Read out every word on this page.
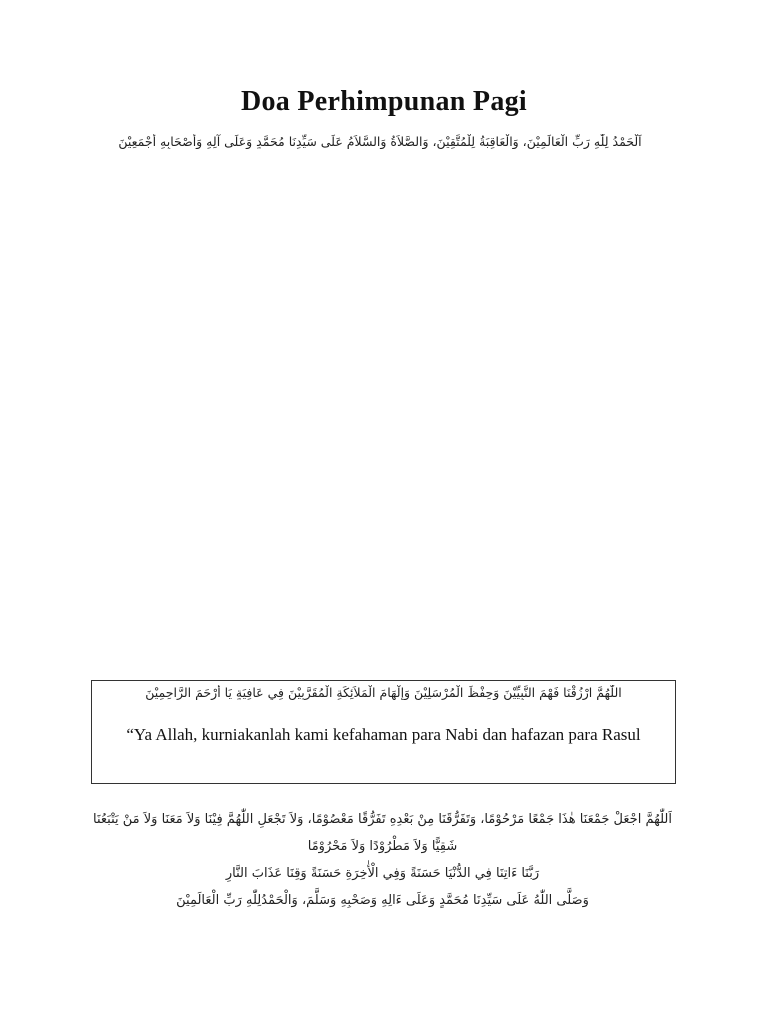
Doa Perhimpunan Pagi
اَلْحَمْدُ لِلّٰهِ رَبِّ الْعَالَمِيْنَ، وَالْعَاقِبَةُ لِلْمُتَّقِيْنَ، وَالصَّلاَةُ وَالسَّلاَمُ عَلَى سَيِّدِنَا مُحَمَّدٍ وَعَلَى آلِهِ وَأَصْحَابِهِ أَجْمَعِيْنَ
اللّٰهُمَّ ارْزُقْنَا فَهْمَ النَّبِيِّيْنَ وَحِفْظَ الْمُرْسَلِيْنَ وَإِلْهَامَ الْمَلاَئِكَةِ الْمُقَرَّبِيْنَ فِي عَافِيَةٍ يَا أَرْحَمَ الرَّاحِمِيْنَ
“Ya Allah, kurniakanlah kami kefahaman para Nabi dan hafazan para Rasul
اَللّٰهُمَّ اجْعَلْ جَمْعَنَا هٰذَا جَمْعًا مَرْحُوْمًا، وَتَفَرُّقَنَا مِنْ بَعْدِهِ تَفَرُّقًا مَعْصُوْمًا، وَلاَ تَجْعَلِ اللّٰهُمَّ فِيْنَا وَلاَ مَعَنَا وَلاَ مَنْ يَتْبَعُنَا
شَقِيًّا وَلاَ مَطْرُوْدًا وَلاَ مَحْرُوْمًا
رَبَّنَا ءَاتِنَا فِي الدُّنْيَا حَسَنَةً وَفِي الْأٰخِرَةِ حَسَنَةً وَقِنَا عَذَابَ النَّارِ
وَصَلَّى اللّٰهُ عَلَى سَيِّدِنَا مُحَمَّدٍ وَعَلَى ءَالِهِ وَصَحْبِهِ وَسَلَّمَ، وَالْحَمْدُلِلّٰهِ رَبِّ الْعَالَمِيْنَ
